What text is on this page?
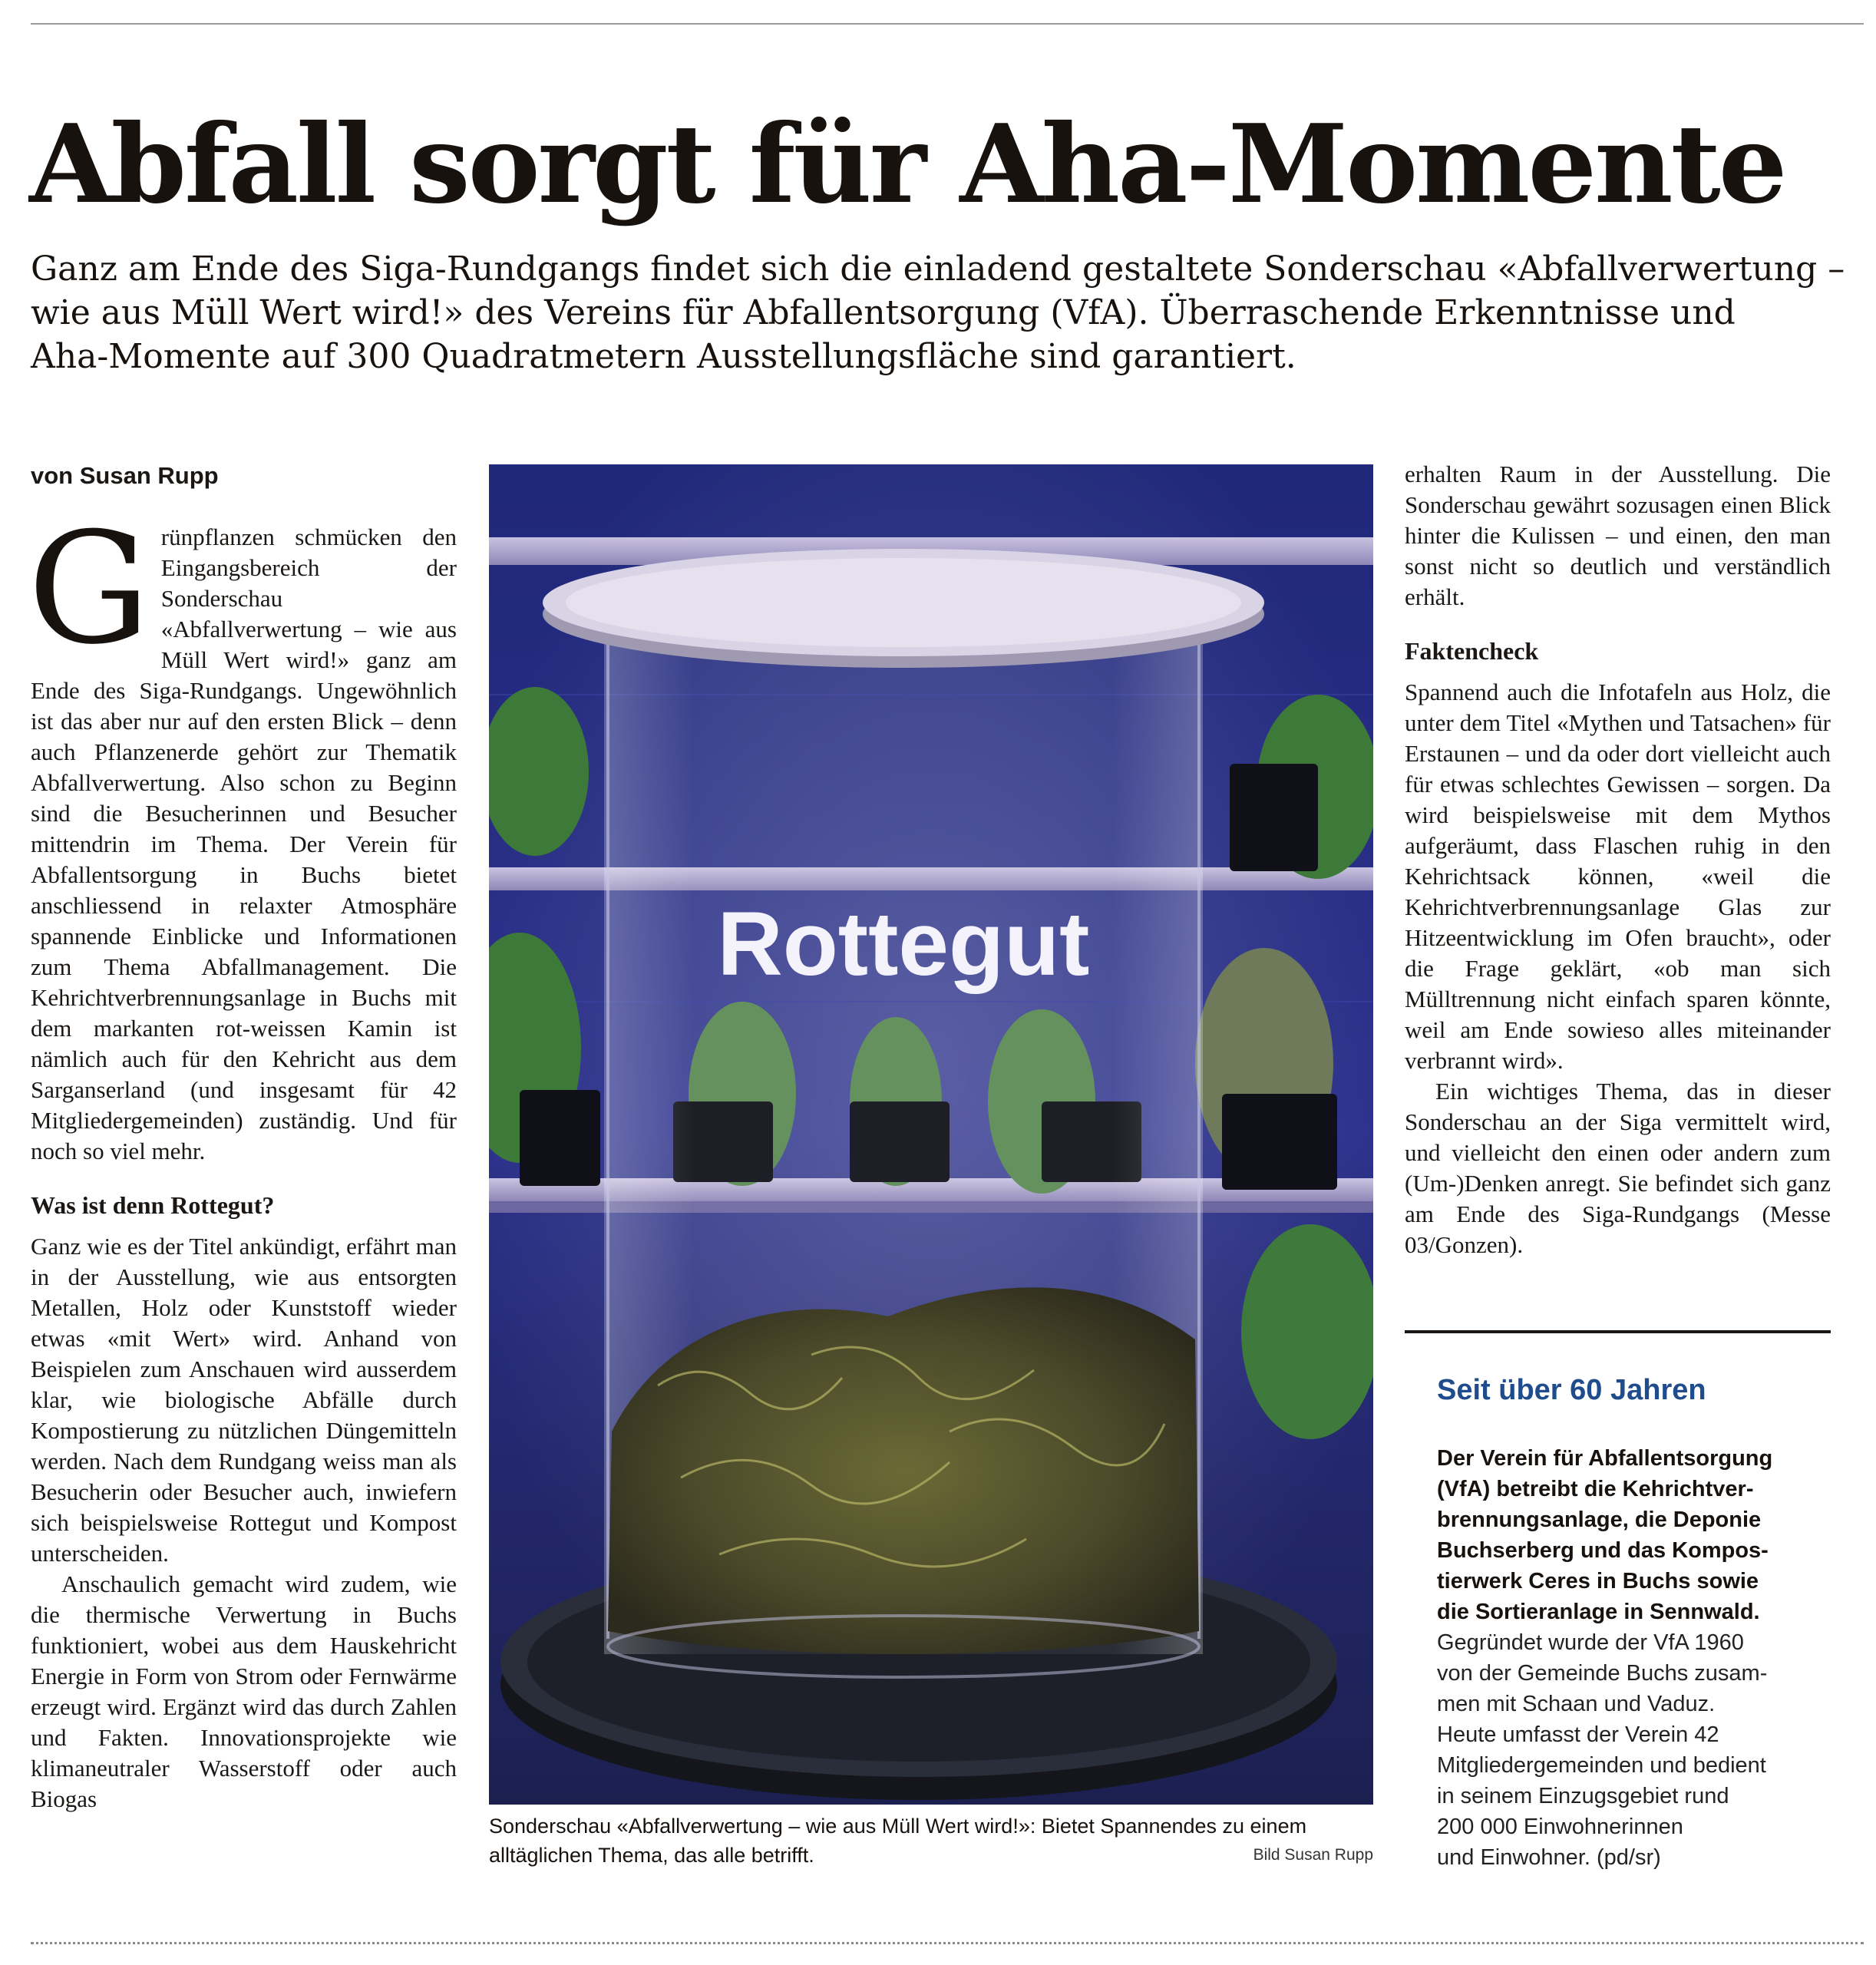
Abfall sorgt für Aha-Momente
Ganz am Ende des Siga-Rundgangs findet sich die einladend gestaltete Sonderschau «Abfallverwertung –
wie aus Müll Wert wird!» des Vereins für Abfallentsorgung (VfA). Überraschende Erkenntnisse und
Aha-Momente auf 300 Quadratmetern Ausstellungsfläche sind garantiert.
von Susan Rupp

Grünpflanzen schmücken den Eingangsbereich der Sonderschau «Abfallverwertung – wie aus Müll Wert wird!» ganz am Ende des Siga-Rundgangs. Ungewöhnlich ist das aber nur auf den ersten Blick – denn auch Pflanzenerde gehört zur Thematik Abfallverwertung. Also schon zu Beginn sind die Besucherinnen und Besucher mittendrin im Thema. Der Verein für Abfallentsorgung in Buchs bietet anschliessend in relaxter Atmosphäre spannende Einblicke und Informationen zum Thema Abfallmanagement. Die Kehrichtverbrennungsanlage in Buchs mit dem markanten rot-weissen Kamin ist nämlich auch für den Kehricht aus dem Sarganserland (und insgesamt für 42 Mitgliedergemeinden) zuständig. Und für noch so viel mehr.

Was ist denn Rottegut?

Ganz wie es der Titel ankündigt, erfährt man in der Ausstellung, wie aus entsorgten Metallen, Holz oder Kunststoff wieder etwas «mit Wert» wird. Anhand von Beispielen zum Anschauen wird ausserdem klar, wie biologische Abfälle durch Kompostierung zu nützlichen Düngemitteln werden. Nach dem Rundgang weiss man als Besucherin oder Besucher auch, inwiefern sich beispielsweise Rottegut und Kompost unterscheiden.

Anschaulich gemacht wird zudem, wie die thermische Verwertung in Buchs funktioniert, wobei aus dem Hauskehricht Energie in Form von Strom oder Fernwärme erzeugt wird. Ergänzt wird das durch Zahlen und Fakten. Innovationsprojekte wie klimaneutraler Wasserstoff oder auch Biogas

Rottegut
Sonderschau «Abfallverwertung – wie aus Müll Wert wird!»: Bietet Spannendes zu einem alltäglichen Thema, das alle betrifft.	Bild Susan Rupp

erhalten Raum in der Ausstellung. Die Sonderschau gewährt sozusagen einen Blick hinter die Kulissen – und einen, den man sonst nicht so deutlich und verständlich erhält.

Faktencheck

Spannend auch die Infotafeln aus Holz, die unter dem Titel «Mythen und Tatsachen» für Erstaunen – und da oder dort vielleicht auch für etwas schlechtes Gewissen – sorgen. Da wird beispielsweise mit dem Mythos aufgeräumt, dass Flaschen ruhig in den Kehrichtsack können, «weil die Kehrichtverbrennungsanlage Glas zur Hitzeentwicklung im Ofen braucht», oder die Frage geklärt, «ob man sich Mülltrennung nicht einfach sparen könnte, weil am Ende sowieso alles miteinander verbrannt wird».

Ein wichtiges Thema, das in dieser Sonderschau an der Siga vermittelt wird, und vielleicht den einen oder andern zum (Um-)Denken anregt. Sie befindet sich ganz am Ende des Siga-Rundgangs (Messe 03/Gonzen).

Seit über 60 Jahren
Der Verein für Abfallentsorgung
(VfA) betreibt die Kehrichtver-
brennungsanlage, die Deponie
Buchserberg und das Kompos-
tierwerk Ceres in Buchs sowie
die Sortieranlage in Sennwald.
Gegründet wurde der VfA 1960
von der Gemeinde Buchs zusam-
men mit Schaan und Vaduz.
Heute umfasst der Verein 42
Mitgliedergemeinden und bedient
in seinem Einzugsgebiet rund
200 000 Einwohnerinnen
und Einwohner. (pd/sr)
